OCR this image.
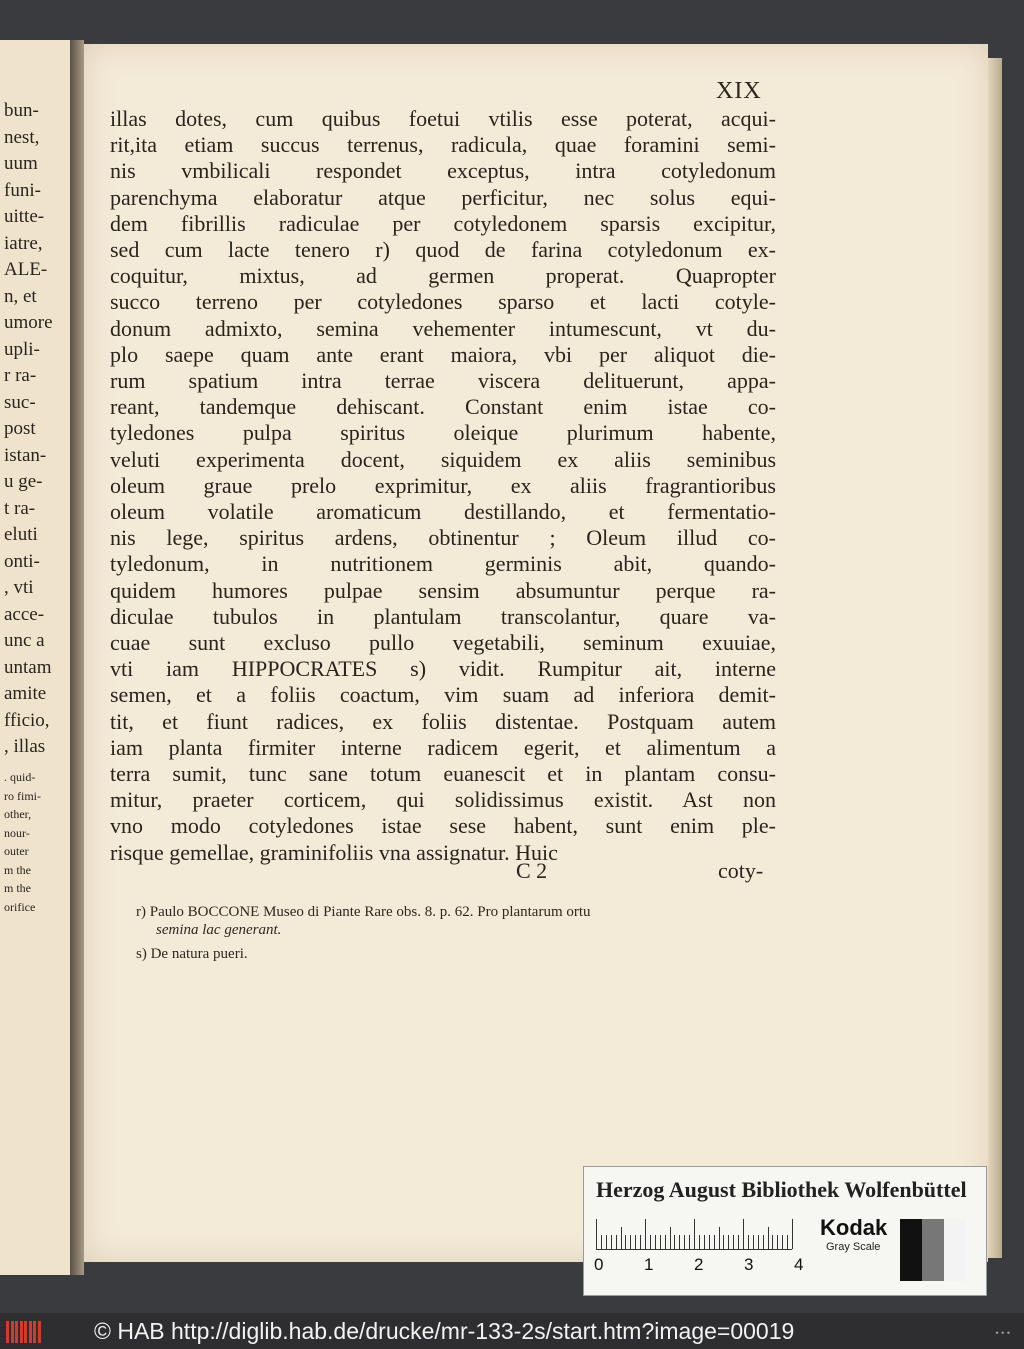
bun-
nest,
uum
funi-
uitte-
iatre,
ALE-
n, et
umore
upli-
r ra-
suc-
post
istan-
u ge-
t ra-
eluti
onti-
, vti
acce-
unc a
untam
amite
fficio,
, illas
. quid-
ro fimi-
other,
nour-
outer
m the
m the
orifice
XIX
illas dotes, cum quibus foetui vtilis esse poterat, acqui-
rit,ita etiam succus terrenus, radicula, quae foramini semi-
nis vmbilicali respondet exceptus, intra cotyledonum
parenchyma elaboratur atque perficitur, nec solus equi-
dem fibrillis radiculae per cotyledonem sparsis excipitur,
sed cum lacte tenero r) quod de farina cotyledonum ex-
coquitur, mixtus, ad germen properat. Quapropter
succo terreno per cotyledones sparso et lacti cotyle-
donum admixto, semina vehementer intumescunt, vt du-
plo saepe quam ante erant maiora, vbi per aliquot die-
rum spatium intra terrae viscera delituerunt, appa-
reant, tandemque dehiscant. Constant enim istae co-
tyledones pulpa spiritus oleique plurimum habente,
veluti experimenta docent, siquidem ex aliis seminibus
oleum graue prelo exprimitur, ex aliis fragrantioribus
oleum volatile aromaticum destillando, et fermentatio-
nis lege, spiritus ardens, obtinentur ; Oleum illud co-
tyledonum, in nutritionem germinis abit, quando-
quidem humores pulpae sensim absumuntur perque ra-
diculae tubulos in plantulam transcolantur, quare va-
cuae sunt excluso pullo vegetabili, seminum exuuiae,
vti iam HIPPOCRATES s) vidit. Rumpitur ait, interne
semen, et a foliis coactum, vim suam ad inferiora demit-
tit, et fiunt radices, ex foliis distentae. Postquam autem
iam planta firmiter interne radicem egerit, et alimentum a
terra sumit, tunc sane totum euanescit et in plantam consu-
mitur, praeter corticem, qui solidissimus existit. Ast non
vno modo cotyledones istae sese habent, sunt enim ple-
risque gemellae, graminifoliis vna assignatur. Huic
C 2	coty-
r) Paulo BOCCONE Museo di Piante Rare obs. 8. p. 62. Pro plantarum ortu
semina lac generant.
s) De natura pueri.
Herzog August Bibliothek Wolfenbüttel
0 1 2 3 4
Kodak
Gray Scale
© HAB http://diglib.hab.de/drucke/mr-133-2s/start.htm?image=00019	• • •
